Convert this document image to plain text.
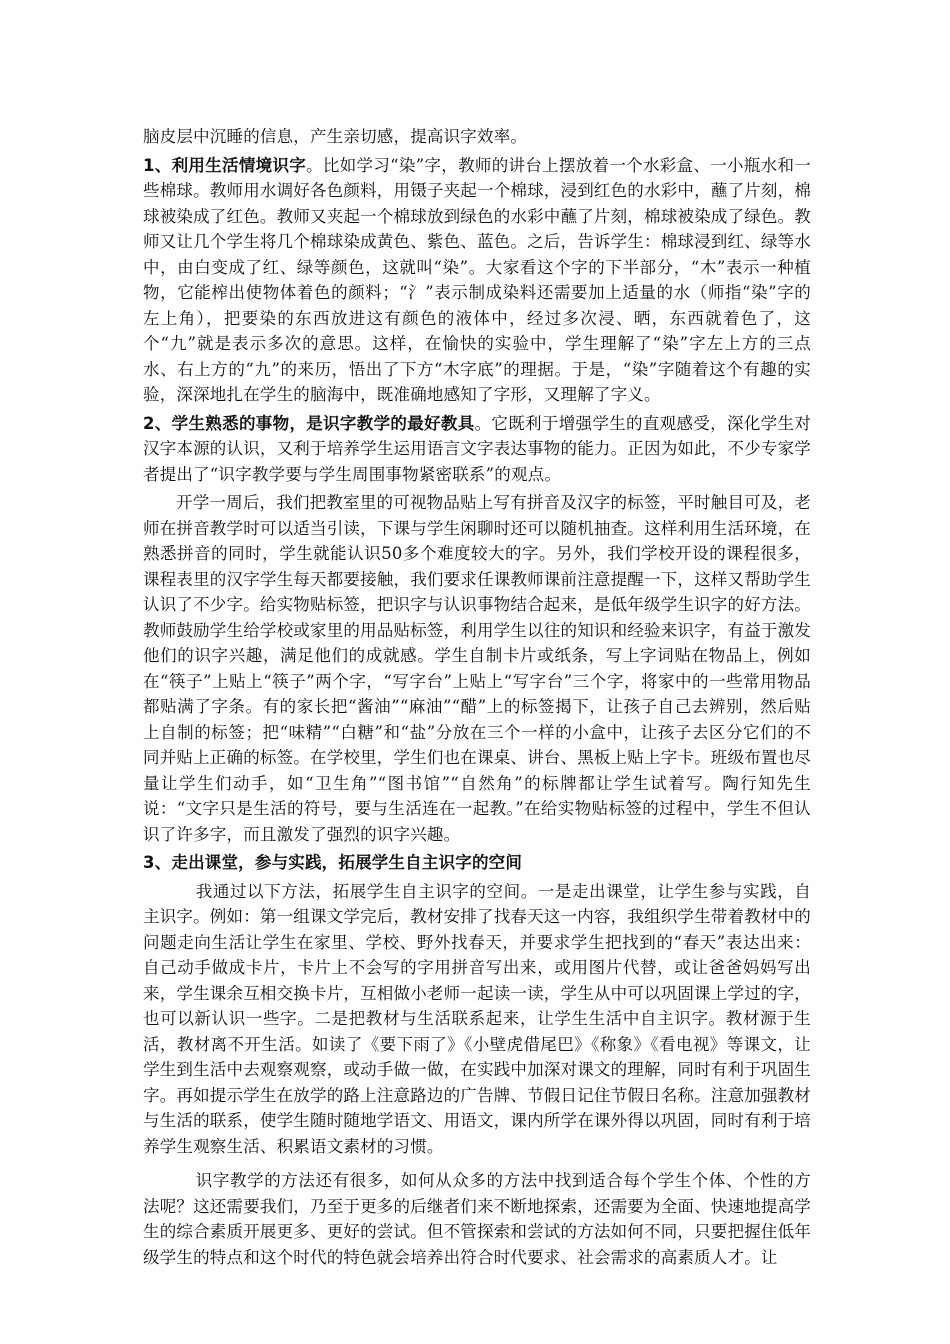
脑皮层中沉睡的信息，产生亲切感，提高识字效率。

1、利用生活情境识字。比如学习“染”字，教师的讲台上摆放着一个水彩盒、一小瓶水和一些棉球。教师用水调好各色颜料，用镊子夹起一个棉球，浸到红色的水彩中，蘸了片刻，棉球被染成了红色。教师又夹起一个棉球放到绿色的水彩中蘸了片刻，棉球被染成了绿色。教师又让几个学生将几个棉球染成黄色、紫色、蓝色。之后，告诉学生：棉球浸到红、绿等水中，由白变成了红、绿等颜色，这就叫“染”。大家看这个字的下半部分，“木”表示一种植物，它能榨出使物体着色的颜料；“氵”表示制成染料还需要加上适量的水（师指“染”字的左上角），把要染的东西放进这有颜色的液体中，经过多次浸、晒，东西就着色了，这个“九”就是表示多次的意思。这样，在愉快的实验中，学生理解了“染”字左上方的三点水、右上方的“九”的来历，悟出了下方“木字底”的理据。于是，“染”字随着这个有趣的实验，深深地扎在学生的脑海中，既准确地感知了字形，又理解了字义。

2、学生熟悉的事物，是识字教学的最好教具。它既利于增强学生的直观感受，深化学生对汉字本源的认识，又利于培养学生运用语言文字表达事物的能力。正因为如此，不少专家学者提出了“识字教学要与学生周围事物紧密联系”的观点。

开学一周后，我们把教室里的可视物品贴上写有拼音及汉字的标签，平时触目可及，老师在拼音教学时可以适当引读，下课与学生闲聊时还可以随机抽查。这样利用生活环境，在熟悉拼音的同时，学生就能认识50多个难度较大的字。另外，我们学校开设的课程很多，课程表里的汉字学生每天都要接触，我们要求任课教师课前注意提醒一下，这样又帮助学生认识了不少字。给实物贴标签，把识字与认识事物结合起来，是低年级学生识字的好方法。教师鼓励学生给学校或家里的用品贴标签，利用学生以往的知识和经验来识字，有益于激发他们的识字兴趣，满足他们的成就感。学生自制卡片或纸条，写上字词贴在物品上，例如在“筷子”上贴上“筷子”两个字，“写字台”上贴上“写字台”三个字，将家中的一些常用物品都贴满了字条。有的家长把“酱油”“麻油”“醋”上的标签揭下，让孩子自己去辨别，然后贴上自制的标签；把“味精”“白糖”和“盐”分放在三个一样的小盒中，让孩子去区分它们的不同并贴上正确的标签。在学校里，学生们也在课桌、讲台、黑板上贴上字卡。班级布置也尽量让学生们动手，如“卫生角”“图书馆”“自然角”的标牌都让学生试着写。陶行知先生说：“文字只是生活的符号，要与生活连在一起教。”在给实物贴标签的过程中，学生不但认识了许多字，而且激发了强烈的识字兴趣。

3、走出课堂，参与实践，拓展学生自主识字的空间

我通过以下方法，拓展学生自主识字的空间。一是走出课堂，让学生参与实践，自主识字。例如：第一组课文学完后，教材安排了找春天这一内容，我组织学生带着教材中的问题走向生活让学生在家里、学校、野外找春天，并要求学生把找到的“春天”表达出来：自己动手做成卡片，卡片上不会写的字用拼音写出来，或用图片代替，或让爸爸妈妈写出来，学生课余互相交换卡片，互相做小老师一起读一读，学生从中可以巩固课上学过的字，也可以新认识一些字。二是把教材与生活联系起来，让学生生活中自主识字。教材源于生活，教材离不开生活。如读了《要下雨了》《小壁虎借尾巴》《称象》《看电视》等课文，让学生到生活中去观察观察，或动手做一做，在实践中加深对课文的理解，同时有利于巩固生字。再如提示学生在放学的路上注意路边的广告牌、节假日记住节假日名称。注意加强教材与生活的联系，使学生随时随地学语文、用语文，课内所学在课外得以巩固，同时有利于培养学生观察生活、积累语文素材的习惯。

识字教学的方法还有很多，如何从众多的方法中找到适合每个学生个体、个性的方法呢？这还需要我们，乃至于更多的后继者们来不断地探索，还需要为全面、快速地提高学生的综合素质开展更多、更好的尝试。但不管探索和尝试的方法如何不同，只要把握住低年级学生的特点和这个时代的特色就会培养出符合时代要求、社会需求的高素质人才。让
